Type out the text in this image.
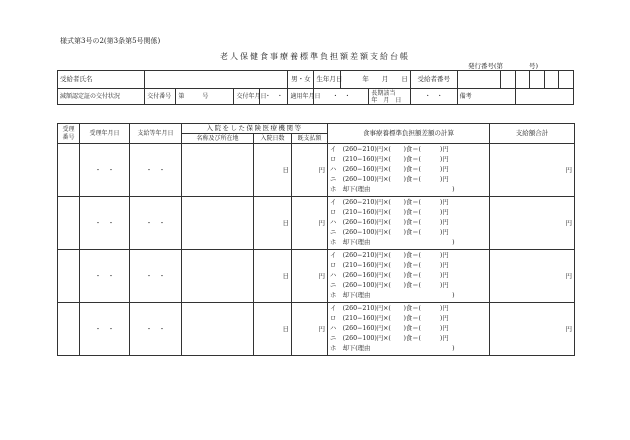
様式第3号の2(第3条第5号関係)
老人保健食事療養標準負担額差額支給台帳
発行番号(第　　　　号)
受給者氏名					男・女	生年月日	年　　月　　日		受給者番号						
減額認定証の交付状況	交付番号	第　　　号	交付年月日	・　・	適用年月日	・　・		長期該当
年　月　日	・　・	備考					
受理番号	受理年月日	支給等年月日	入院をした保険医療機関等			食事療養標準負担額差額の計算	支給額合計
			名称及び所在地	入院日数	既支払額		
	・　・	・　・		日	円	イ　(260−210)円×(　　)食＝(　　　)円
ロ　(210−160)円×(　　)食＝(　　　)円
ハ　(260−160)円×(　　)食＝(　　　)円
ニ　(260−100)円×(　　)食＝(　　　)円
ホ　却下(理由　　　　　　　　　　　　　)	円
	・　・	・　・		日	円	イ　(260−210)円×(　　)食＝(　　　)円
ロ　(210−160)円×(　　)食＝(　　　)円
ハ　(260−160)円×(　　)食＝(　　　)円
ニ　(260−100)円×(　　)食＝(　　　)円
ホ　却下(理由　　　　　　　　　　　　　)	円
	・　・	・　・		日	円	イ　(260−210)円×(　　)食＝(　　　)円
ロ　(210−160)円×(　　)食＝(　　　)円
ハ　(260−160)円×(　　)食＝(　　　)円
ニ　(260−100)円×(　　)食＝(　　　)円
ホ　却下(理由　　　　　　　　　　　　　)	円
	・　・	・　・		日	円	イ　(260−210)円×(　　)食＝(　　　)円
ロ　(210−160)円×(　　)食＝(　　　)円
ハ　(260−160)円×(　　)食＝(　　　)円
ニ　(260−100)円×(　　)食＝(　　　)円
ホ　却下(理由　　　　　　　　　　　　　)	円
